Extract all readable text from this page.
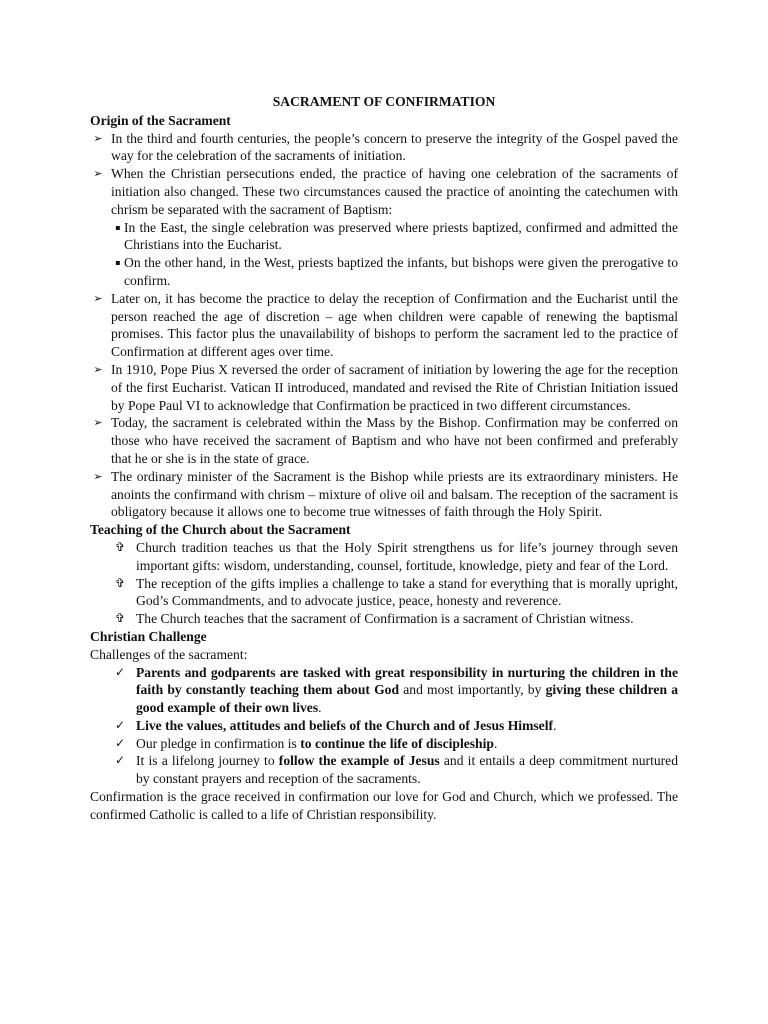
SACRAMENT OF CONFIRMATION
Origin of the Sacrament
➢ In the third and fourth centuries, the people’s concern to preserve the integrity of the Gospel paved the way for the celebration of the sacraments of initiation.
➢ When the Christian persecutions ended, the practice of having one celebration of the sacraments of initiation also changed. These two circumstances caused the practice of anointing the catechumen with chrism be separated with the sacrament of Baptism:
▪ In the East, the single celebration was preserved where priests baptized, confirmed and admitted the Christians into the Eucharist.
▪ On the other hand, in the West, priests baptized the infants, but bishops were given the prerogative to confirm.
➢ Later on, it has become the practice to delay the reception of Confirmation and the Eucharist until the person reached the age of discretion – age when children were capable of renewing the baptismal promises. This factor plus the unavailability of bishops to perform the sacrament led to the practice of Confirmation at different ages over time.
➢ In 1910, Pope Pius X reversed the order of sacrament of initiation by lowering the age for the reception of the first Eucharist. Vatican II introduced, mandated and revised the Rite of Christian Initiation issued by Pope Paul VI to acknowledge that Confirmation be practiced in two different circumstances.
➢ Today, the sacrament is celebrated within the Mass by the Bishop. Confirmation may be conferred on those who have received the sacrament of Baptism and who have not been confirmed and preferably that he or she is in the state of grace.
➢ The ordinary minister of the Sacrament is the Bishop while priests are its extraordinary ministers. He anoints the confirmand with chrism – mixture of olive oil and balsam. The reception of the sacrament is obligatory because it allows one to become true witnesses of faith through the Holy Spirit.
Teaching of the Church about the Sacrament
✞ Church tradition teaches us that the Holy Spirit strengthens us for life’s journey through seven important gifts: wisdom, understanding, counsel, fortitude, knowledge, piety and fear of the Lord.
✞ The reception of the gifts implies a challenge to take a stand for everything that is morally upright, God’s Commandments, and to advocate justice, peace, honesty and reverence.
✞ The Church teaches that the sacrament of Confirmation is a sacrament of Christian witness.
Christian Challenge
Challenges of the sacrament:
✓ Parents and godparents are tasked with great responsibility in nurturing the children in the faith by constantly teaching them about God and most importantly, by giving these children a good example of their own lives.
✓ Live the values, attitudes and beliefs of the Church and of Jesus Himself.
✓ Our pledge in confirmation is to continue the life of discipleship.
✓ It is a lifelong journey to follow the example of Jesus and it entails a deep commitment nurtured by constant prayers and reception of the sacraments.
Confirmation is the grace received in confirmation our love for God and Church, which we professed. The confirmed Catholic is called to a life of Christian responsibility.
